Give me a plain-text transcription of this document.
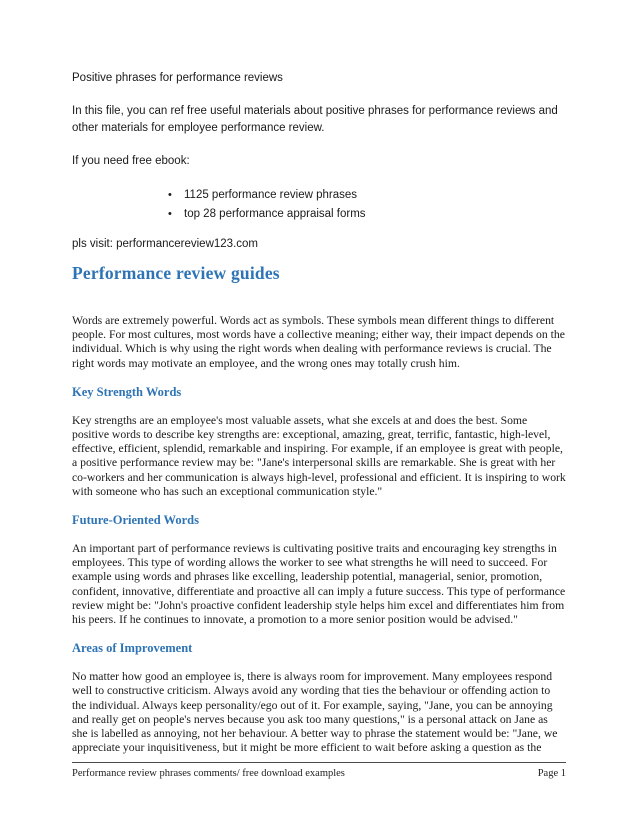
Positive phrases for performance reviews

In this file, you can ref free useful materials about positive phrases for performance reviews and other materials for employee performance review.

If you need free ebook:

•	1125 performance review phrases
•	top 28 performance appraisal forms

pls visit: performancereview123.com

Performance review guides

Words are extremely powerful. Words act as symbols. These symbols mean different things to different people. For most cultures, most words have a collective meaning; either way, their impact depends on the individual. Which is why using the right words when dealing with performance reviews is crucial. The right words may motivate an employee, and the wrong ones may totally crush him.

Key Strength Words

Key strengths are an employee's most valuable assets, what she excels at and does the best. Some positive words to describe key strengths are: exceptional, amazing, great, terrific, fantastic, high-level, effective, efficient, splendid, remarkable and inspiring. For example, if an employee is great with people, a positive performance review may be: "Jane's interpersonal skills are remarkable. She is great with her co-workers and her communication is always high-level, professional and efficient. It is inspiring to work with someone who has such an exceptional communication style."

Future-Oriented Words

An important part of performance reviews is cultivating positive traits and encouraging key strengths in employees. This type of wording allows the worker to see what strengths he will need to succeed. For example using words and phrases like excelling, leadership potential, managerial, senior, promotion, confident, innovative, differentiate and proactive all can imply a future success. This type of performance review might be: "John's proactive confident leadership style helps him excel and differentiates him from his peers. If he continues to innovate, a promotion to a more senior position would be advised."

Areas of Improvement

No matter how good an employee is, there is always room for improvement. Many employees respond well to constructive criticism. Always avoid any wording that ties the behaviour or offending action to the individual. Always keep personality/ego out of it. For example, saying, "Jane, you can be annoying and really get on people's nerves because you ask too many questions," is a personal attack on Jane as she is labelled as annoying, not her behaviour. A better way to phrase the statement would be: "Jane, we appreciate your inquisitiveness, but it might be more efficient to wait before asking a question as the

Performance review phrases comments/ free download examples	Page 1
